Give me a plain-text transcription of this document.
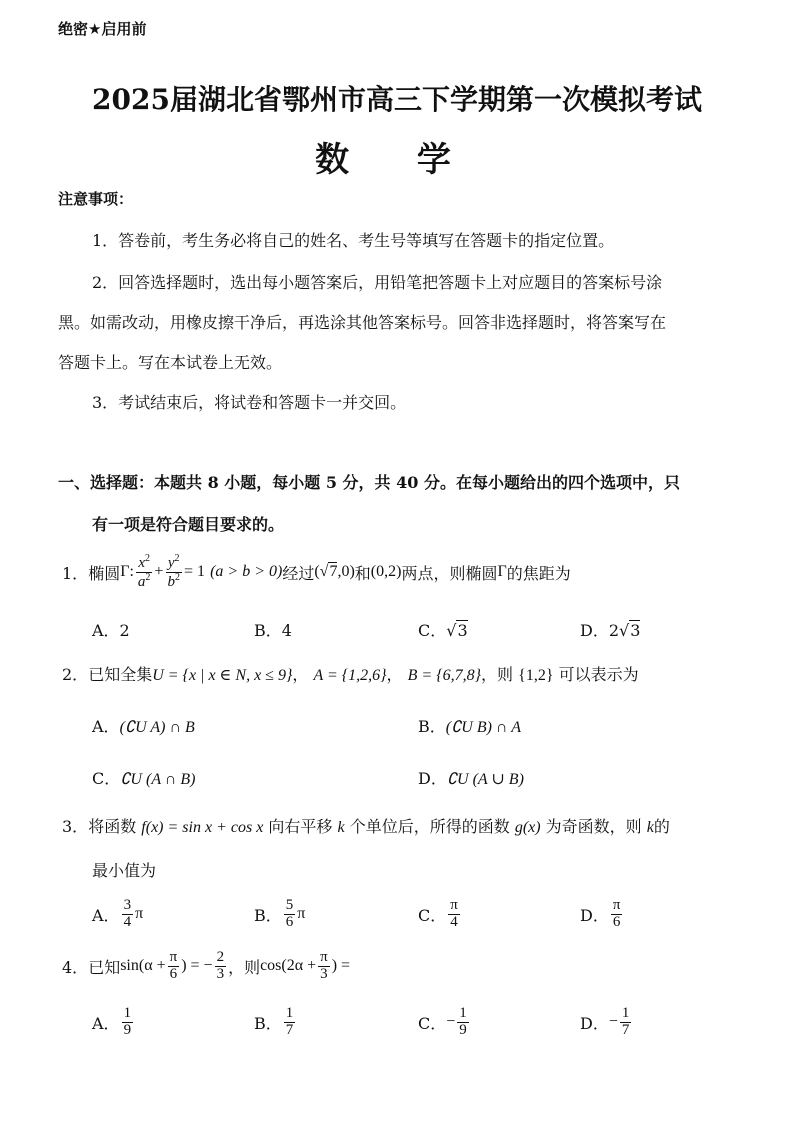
绝密★启用前
2025届湖北省鄂州市高三下学期第一次模拟考试
数 学
注意事项：
1．答卷前，考生务必将自己的姓名、考生号等填写在答题卡的指定位置。
2．回答选择题时，选出每小题答案后，用铅笔把答题卡上对应题目的答案标号涂
黑。如需改动，用橡皮擦干净后，再选涂其他答案标号。回答非选择题时，将答案写在
答题卡上。写在本试卷上无效。
3．考试结束后，将试卷和答题卡一并交回。
一、选择题：本题共 8 小题，每小题 5 分，共 40 分。在每小题给出的四个选项中，只
有一项是符合题目要求的。
1． 椭圆 Γ: $\frac{x^2}{a^2} + \frac{y^2}{b^2} = 1$
(a > b > 0) 经过 (√7,0) 和 (0,2) 两点，则椭圆 Γ 的焦距为
A．2	B．4	C．√3	D．2√3
2．已知全集U = {x | x ∈ N, x ≤ 9}， A = {1,2,6}， B = {6,7,8}，则 {1,2} 可以表示为
A．(∁U A) ∩ B	B．(∁U B) ∩ A
C．∁U (A ∩ B)	D．∁U (A ∪ B)
3．将函数 f(x) = sin x + cos x 向右平移 k 个单位后，所得的函数 g(x) 为奇函数，则 k的
最小值为
A． $\frac{3}{4}$ π	B． $\frac{5}{6}$ π	C． $\frac{\pi}{4}$	D． $\frac{\pi}{6}$
4． 已知 $\sin(\alpha + \frac{\pi}{6}$ ) = − $\frac{2}{3}$ ，则 $\cos(2\alpha + \frac{\pi}{3}$ ) =
A． $\frac{1}{9}$	B． $\frac{1}{7}$	C． − $\frac{1}{9}$	D． − $\frac{1}{7}$
